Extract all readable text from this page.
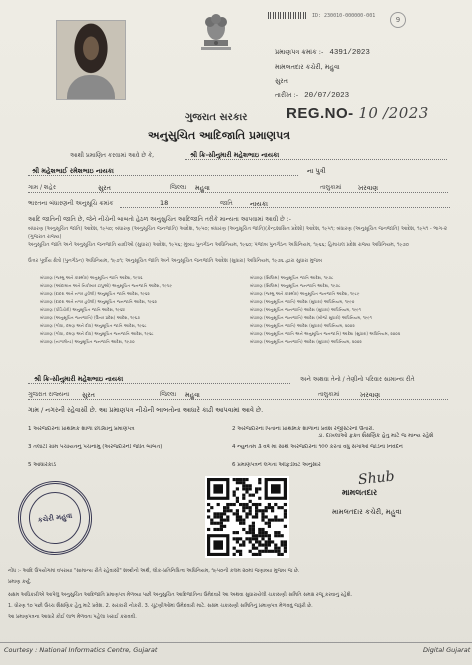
ID: 230010-000000-001
9
પ્રમાણપત્ર ક્રમાંક :- 4391/2023
મામલતદાર કચેરી, મહુવા
સુરત
તારીખ :- 20/07/2023
REG.NO- 10 /2023
ગુજરાત સરકાર
અનુસુચિત આદિજાતિ પ્રમાણપત્ર
આથી પ્રમાણિત કરવામાં આવે છે કે,	શ્રી ક્રિ-સીનુમારી મહેશભાઇ નાયકા
શ્રી મહેશભાઈ રમેશભાઇ નાયકા	ના પુત્રી
ગામ / શહેર	સુરત	જિલ્લા મહુવા	તાલુકામાં	ખરવાણ
ભારતના બંધારણની અનુસૂચિ ક્રમાંક	18	જાતિ	નાયકા
આદિ જાતિની જાતિ છે, જેને નીચેની બાબતો હેઠળ અનુસુચિત આદિજાતિ તરીકે માન્યતા આપવામાં આવી છે :-
બંધારણ (અનુસૂચિત જાતિ) આદેશ, ૧૯૫૦; બંધારણ (અનુસૂચિત જનજાતિ) આદેશ, ૧૯૫૦; બંધારણ (અનુસૂચિત જાતિ)(કેન્દ્રશાસિત પ્રદેશો) આદેશ, ૧૯૫૧; બંધારણ (અનુસૂચિત જનજાતિ) આદેશ, ૧૯૫૧ - ભાગ-૨ (ગુજરાત રાજ્ય)
અનુસૂચિત જાતિ અને અનુસૂચિત જનજાતિ યાદીઓ (સુધારા) આદેશ, ૧૯૫૬; મુંબઇ પુનર્ગઠન અધિનિયમ, ૧૯૬૦; પંજાબ પુનર્ગઠન અધિનિયમ, ૧૯૬૬; હિમાચલ પ્રદેશ રાજ્ય અધિનિયમ, ૧૯૭૦
ઉત્તર પૂર્વીય ક્ષેત્રો (પુનર્ગઠન) અધિનિયમ, ૧૯૭૧; અનુસૂચિત જાતિ અને અનુસૂચિત જનજાતિ આદેશ (સુધારા) અધિનિયમ, ૧૯૭૬ દ્વારા સુધારા મુજબ
બંધારણ (જમ્મુ અને કાશ્મીર) અનુસૂચિત જાતિ આદેશ, ૧૯૫૬
બંધારણ (આંદામાન અને નિકોબાર ટાપુઓ) અનુસૂચિત જનજાતિ આદેશ, ૧૯૫૯
બંધારણ (દાદરા અને નગર હવેલી) અનુસૂચિત જાતિ આદેશ, ૧૯૬૨
બંધારણ (દાદરા અને નગર હવેલી) અનુસૂચિત જનજાતિ આદેશ, ૧૯૬૨
બંધારણ (પોંડિચેરી) અનુસૂચિત જાતિ આદેશ, ૧૯૬૪
બંધારણ (અનુસૂચિત જનજાતિ) (ઉત્તર પ્રદેશ) આદેશ, ૧૯૬૭
બંધારણ (ગોવા, દમણ અને દીવ) અનુસૂચિત જાતિ આદેશ, ૧૯૬૮
બંધારણ (ગોવા, દમણ અને દીવ) અનુસૂચિત જનજાતિ આદેશ, ૧૯૬૮
બંધારણ (નાગાલેન્ડ) અનુસૂચિત જનજાતિ આદેશ, ૧૯૭૦
બંધારણ (સિક્કિમ) અનુસૂચિત જાતિ આદેશ, ૧૯૭૮
બંધારણ (સિક્કિમ) અનુસૂચિત જનજાતિ આદેશ, ૧૯૭૮
બંધારણ (જમ્મુ અને કાશ્મીર) અનુસૂચિત જનજાતિ આદેશ, ૧૯૮૯
બંધારણ (અનુસૂચિત જાતિ) આદેશ (સુધારા) અધિનિયમ, ૧૯૯૦
બંધારણ (અનુસૂચિત જનજાતિ) આદેશ (સુધારા) અધિનિયમ, ૧૯૯૧
બંધારણ (અનુસૂચિત જનજાતિ) આદેશ (બીજો સુધારો) અધિનિયમ, ૧૯૯૧
બંધારણ (અનુસૂચિત જાતિ) આદેશ (સુધારા) અધિનિયમ, ૨૦૦૨
બંધારણ (અનુસૂચિત જાતિ અને અનુસૂચિત જનજાતિ) આદેશ (સુધારા) અધિનિયમ, ૨૦૦૨
બંધારણ (અનુસૂચિત જનજાતિ) આદેશ (સુધારા) અધિનિયમ, ૨૦૦૨
શ્રી ક્રિ-સીનુમારી મહેશભાઇ નાયકા	અને અથવા તેનો / તેણીનો પરિવાર સામાન્ય રીતે
ગુજરાત રાજ્યના સુરત	જિલ્લા મહુવા	તાલુકામાં	ખરવાણ
ગામ / નગરની રહેવાસી છે. આ પ્રમાણપત્ર નીચેની બાબતોના આધારે કાઢી આપવામાં આવે છે.
1 અરજદારના પ્રાથમિક શાળા છોડ્યાનું પ્રમાણપત્ર	2 અરજદારના પિતાના પ્રાથમિક શાળાના પ્રવેશ રજીસ્ટરનો ઉતારો.
3 તલાટી ગ્રામ પંચાયતનું પંચનામું (અરજદારની જાતિ બાબત)	4 ન્યુનતમ ૩ વર્ષ માં સાથે અરજદારના ૧૦૦ કરતા વધુ સગાઓ જોડેના નિવેદન
5 આધારકાર્ડ	6 પ્રમાણપત્રને લગતા એફિડેવિટ અનુસાર
ડા. દાખલાઓ ફક્ત શૈક્ષણિક હેતુ માટે જ માન્ય રહેશે
કચેરી મહુવા
Shub
મામલતદાર
મામલતદાર કચેરી, મહુવા
નોંધ :- આદિ ઉપયોગમાં વપરાયા "સામાન્ય રીતે રહેવાસી" શબ્દોનો અર્થ, લોક-પ્રતિનિધિત્વ અધિનિયમ, ૧૯૫૦ની કલમ ૨૦માં જણાવ્યા મુજબ જ છે.
પ્રમાણ કર્યું.
સક્ષમ અધિકારીએ આપેલું અનુસુચિત આદિજાતિ પ્રમાણપત્ર મેળવ્યા પછી અનુસુચિત આદિજાતિના ઉમેદવારે આ અથવા સુધારાયેલી ચકાસણી સમિતિ સમક્ષ રજૂ કરવાનું રહેશે.
1. ધોરણ ૧૦ પછી ઉચ્ચ શૈક્ષણિક હેતુ માટે પ્રવેશ. 2. સરકારી નોકરી. 3. ચૂંટણીઓમાં ઉમેદવારી માટે. સક્ષમ ચકાસણી સમિતિનું પ્રમાણપત્ર મેળવવું જરૂરી છે.
આ પ્રમાણપત્રના આધારે કોઈ લાભ મેળવતા પહેલા ખરાઈ કરાવવી.
Courtesy : National Informatics Centre, Gujarat	Digital Gujarat
